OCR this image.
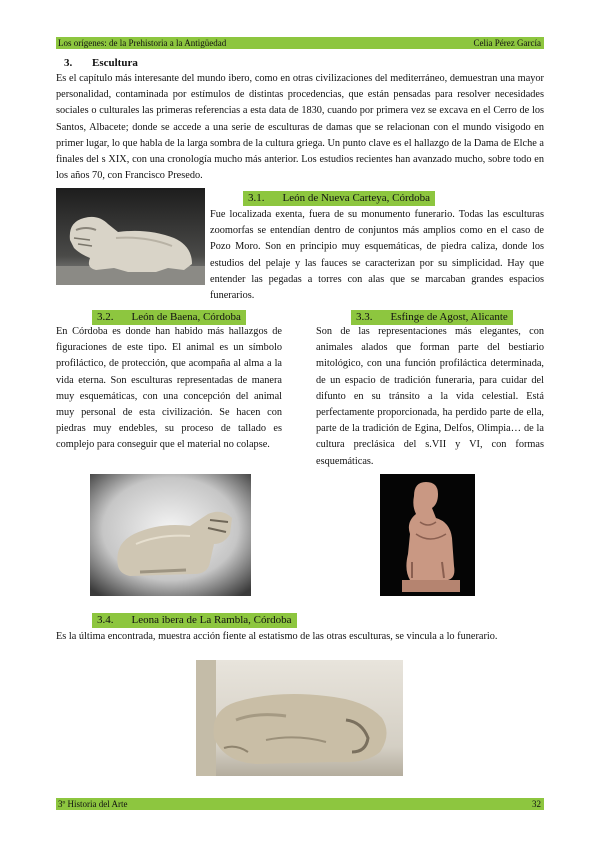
Los orígenes: de la Prehistoria a la Antigüedad	Celia Pérez García
3. Escultura

Es el capítulo más interesante del mundo ibero, como en otras civilizaciones del mediterráneo, demuestran una mayor personalidad, contaminada por estímulos de distintas procedencias, que están pensadas para resolver necesidades sociales o culturales las primeras referencias a esta data de 1830, cuando por primera vez se excava en el Cerro de los Santos, Albacete; donde se accede a una serie de esculturas de damas que se relacionan con el mundo visigodo en primer lugar, lo que habla de la larga sombra de la cultura griega. Un punto clave es el hallazgo de la Dama de Elche a finales del s XIX, con una cronología mucho más anterior. Los estudios recientes han avanzado mucho, sobre todo en los años 70, con Francisco Presedo.

3.1. León de Nueva Carteya, Córdoba

Fue localizada exenta, fuera de su monumento funerario. Todas las esculturas zoomorfas se entendían dentro de conjuntos más amplios como en el caso de Pozo Moro. Son en principio muy esquemáticas, de piedra caliza, donde los estudios del pelaje y las fauces se caracterizan por su simplicidad. Hay que entender las pegadas a torres con alas que se marcaban grandes espacios funerarios.

3.2. León de Baena, Córdoba

En Córdoba es donde han habido más hallazgos de figuraciones de este tipo. El animal es un símbolo profiláctico, de protección, que acompaña al alma a la vida eterna. Son esculturas representadas de manera muy esquemáticas, con una concepción del animal muy personal de esta civilización. Se hacen con piedras muy endebles, su proceso de tallado es complejo para conseguir que el material no colapse.

3.3. Esfinge de Agost, Alicante

Son de las representaciones más elegantes, con animales alados que forman parte del bestiario mitológico, con una función profiláctica determinada, de un espacio de tradición funeraria, para cuidar del difunto en su tránsito a la vida celestial. Está perfectamente proporcionada, ha perdido parte de ella, parte de la tradición de Egina, Delfos, Olimpia… de la cultura preclásica del s.VII y VI, con formas esquemáticas.

3.4. Leona ibera de La Rambla, Córdoba

Es la última encontrada, muestra acción fiente al estatismo de las otras esculturas, se vincula a lo funerario.

3º Historia del Arte	32
